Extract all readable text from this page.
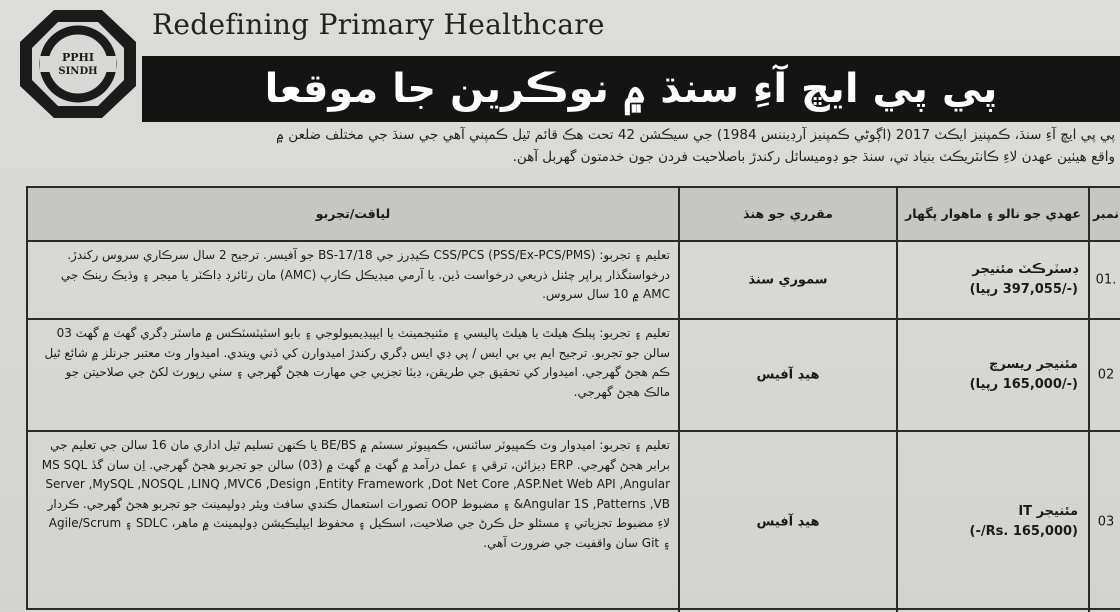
PPHI
SINDH
Redefining Primary Healthcare
پي پي ايڇ آءِ سنڌ ۾ نوڪرين جا موقعا
پي پي ايڇ آءِ سنڌ، ڪمپنيز ايڪٽ 2017 (اڳوڻي ڪمپنيز آرڊيننس 1984) جي سيڪشن 42 تحت هڪ قائم ٿيل ڪمپني آهي جي سنڌ جي مختلف ضلعن ۾
واقع هيٺين عهدن لاءِ ڪانٽريڪٽ بنياد تي، سنڌ جو ڊوميسائل رکندڙ باصلاحيت فردن جون خدمتون گهربل آهن.
لياقت/تجربو	مقرري جو هنڌ	عهدي جو نالو ۽ ماهوار پگهار نمبر
تعليم ۽ تجربو: CSS/PCS (PSS/Ex-PCS/PMS) ڪيڊرز جي BS-17/18 جو آفيسر. ترجيح 2 سال سرڪاري سروس رکندڙ. درخواستگذار پراپر چئنل ذريعي درخواست ڏين. يا آرمي ميڊيڪل ڪارپ (AMC) مان رٽائرڊ ڊاڪٽر يا ميجر ۽ وڌيڪ رينڪ جي AMC ۾ 10 سال سروس.
سموري سنڌ
ڊسٽرڪٽ مئنيجر
(-/397,055 رپيا)
01.
تعليم ۽ تجربو: پبلڪ هيلٿ يا هيلٿ پاليسي ۽ مئنيجمينٽ يا ايپيڊيميولوجي ۽ بايو اسٽيٽسٽڪس ۾ ماسٽر ڊگري گهٽ ۾ گهٽ 03 سالن جو تجربو. ترجيح ايم بي بي ايس / پي ڊي ايس ڊگري رکندڙ اميدوارن کي ڏني ويندي. اميدوار وٽ معتبر جرنلز ۾ شائع ٿيل ڪم هجڻ گهرجي. اميدوار کي تحقيق جي طريقن، ڊيٽا تجزيي جي مهارت هجڻ گهرجي ۽ سٺي رپورٽ لکڻ جي صلاحيتن جو مالڪ هجڻ گهرجي.
هيڊ آفيس
مئنيجر ريسرچ
(-/165,000 رپيا)
02
تعليم ۽ تجربو: اميدوار وٽ ڪمپيوٽر سائنس، ڪمپيوٽر سسٽم ۾ BE/BS يا ڪنهن تسليم ٿيل اداري مان 16 سالن جي تعليم جي برابر هجڻ گهرجي. ERP ڊيزائن، ترقي ۽ عمل درآمد ۾ گهٽ ۾ گهٽ ۾ (03) سالن جو تجربو هجڻ گهرجي. اِن سان گڏ MS SQL Server ,MySQL ,NOSQL ,LINQ ,MVC6 ,Design ,Entity Framework ,Dot Net Core ,ASP.Net Web API ,Angular &Angular 1S ,Patterns ,VB ۽ مضبوط OOP تصورات استعمال ڪندي سافٽ ويئر ڊولپمينٽ جو تجربو هجڻ گهرجي. ڪردار لاءِ مضبوط تجزياتي ۽ مسئلو حل ڪرڻ جي صلاحيت، اسڪيل ۽ محفوظ ايپليڪيشن ڊولپمينٽ ۾ ماهر، SDLC ۽ Agile/Scrum ۽ Git سان واقفيت جي ضرورت آهي.
هيڊ آفيس
مئنيجر IT
(Rs. 165,000/-)
03
